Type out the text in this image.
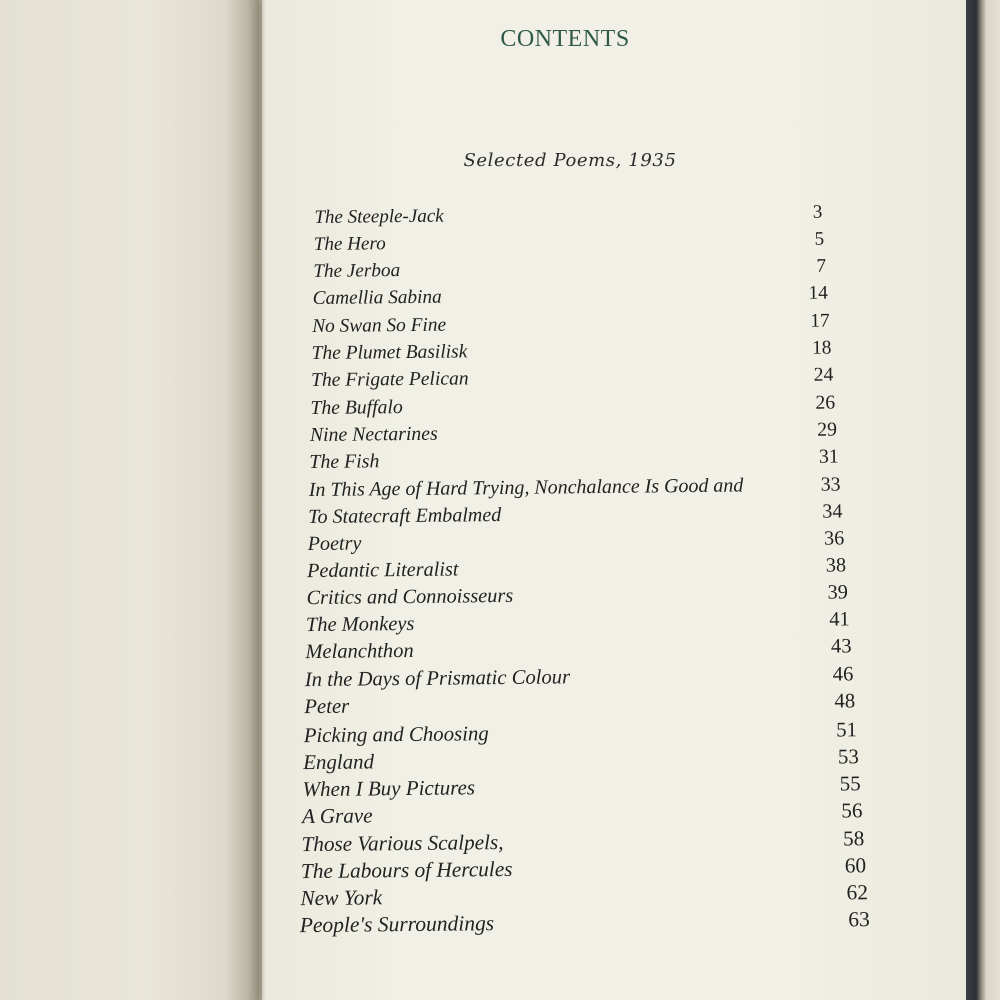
CONTENTS
Selected Poems, 1935
The Steeple-Jack	3
The Hero	5
The Jerboa	7
Camellia Sabina	14
No Swan So Fine	17
The Plumet Basilisk	18
The Frigate Pelican	24
The Buffalo	26
Nine Nectarines	29
The Fish	31
In This Age of Hard Trying, Nonchalance Is Good and	33
To Statecraft Embalmed	34
Poetry	36
Pedantic Literalist	38
Critics and Connoisseurs	39
The Monkeys	41
Melanchthon	43
In the Days of Prismatic Colour	46
Peter	48
Picking and Choosing	51
England	53
When I Buy Pictures	55
A Grave	56
Those Various Scalpels,	58
The Labours of Hercules	60
New York	62
People's Surroundings	63
